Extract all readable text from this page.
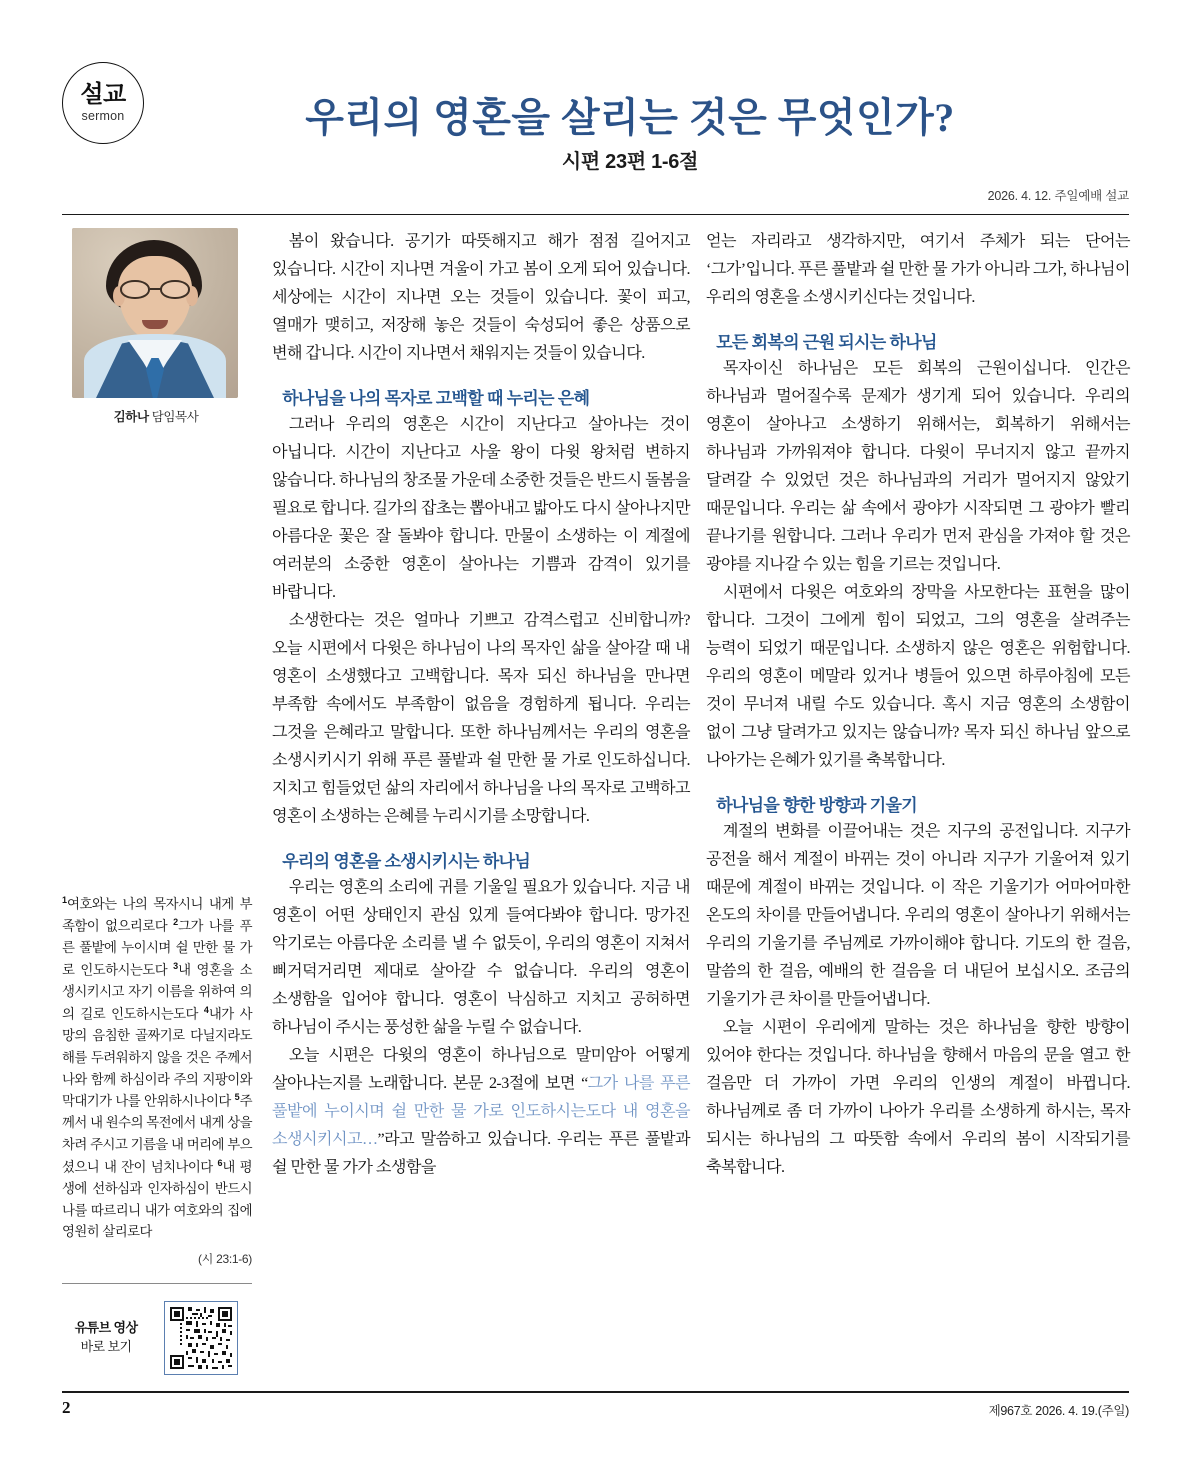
설교
sermon	우리의 영혼을 살리는 것은 무엇인가?
시편 23편 1-6절
2026. 4. 12. 주일예배 설교
김하나 담임목사
$^1$여호와는 나의 목자시니 내게 부족함이 없으리로다 $^2$그가 나를 푸른 풀밭에 누이시며 쉴 만한 물 가로 인도하시는도다 $^3$내 영혼을 소생시키시고 자기 이름을 위하여 의의 길로 인도하시는도다 $^4$내가 사망의 음침한 골짜기로 다닐지라도 해를 두려워하지 않을 것은 주께서 나와 함께 하심이라 주의 지팡이와 막대기가 나를 안위하시나이다 $^5$주께서 내 원수의 목전에서 내게 상을 차려 주시고 기름을 내 머리에 부으셨으니 내 잔이 넘치나이다 $^6$내 평생에 선하심과 인자하심이 반드시 나를 따르리니 내가 여호와의 집에 영원히 살리로다
(시 23:1-6)
유튜브 영상
바로 보기

봄이 왔습니다. 공기가 따뜻해지고 해가 점점 길어지고 있습니다. 시간이 지나면 겨울이 가고 봄이 오게 되어 있습니다. 세상에는 시간이 지나면 오는 것들이 있습니다. 꽃이 피고, 열매가 맺히고, 저장해 놓은 것들이 숙성되어 좋은 상품으로 변해 갑니다. 시간이 지나면서 채워지는 것들이 있습니다.

하나님을 나의 목자로 고백할 때 누리는 은혜

그러나 우리의 영혼은 시간이 지난다고 살아나는 것이 아닙니다. 시간이 지난다고 사울 왕이 다윗 왕처럼 변하지 않습니다. 하나님의 창조물 가운데 소중한 것들은 반드시 돌봄을 필요로 합니다. 길가의 잡초는 뽑아내고 밟아도 다시 살아나지만 아름다운 꽃은 잘 돌봐야 합니다. 만물이 소생하는 이 계절에 여러분의 소중한 영혼이 살아나는 기쁨과 감격이 있기를 바랍니다.

소생한다는 것은 얼마나 기쁘고 감격스럽고 신비합니까? 오늘 시편에서 다윗은 하나님이 나의 목자인 삶을 살아갈 때 내 영혼이 소생했다고 고백합니다. 목자 되신 하나님을 만나면 부족함 속에서도 부족함이 없음을 경험하게 됩니다. 우리는 그것을 은혜라고 말합니다. 또한 하나님께서는 우리의 영혼을 소생시키시기 위해 푸른 풀밭과 쉴 만한 물 가로 인도하십니다. 지치고 힘들었던 삶의 자리에서 하나님을 나의 목자로 고백하고 영혼이 소생하는 은혜를 누리시기를 소망합니다.

우리의 영혼을 소생시키시는 하나님

우리는 영혼의 소리에 귀를 기울일 필요가 있습니다. 지금 내 영혼이 어떤 상태인지 관심 있게 들여다봐야 합니다. 망가진 악기로는 아름다운 소리를 낼 수 없듯이, 우리의 영혼이 지쳐서 삐거덕거리면 제대로 살아갈 수 없습니다. 우리의 영혼이 소생함을 입어야 합니다. 영혼이 낙심하고 지치고 공허하면 하나님이 주시는 풍성한 삶을 누릴 수 없습니다.

오늘 시편은 다윗의 영혼이 하나님으로 말미암아 어떻게 살아나는지를 노래합니다. 본문 2-3절에 보면 “그가 나를 푸른 풀밭에 누이시며 쉴 만한 물 가로 인도하시는도다 내 영혼을 소생시키시고…”라고 말씀하고 있습니다. 우리는 푸른 풀밭과 쉴 만한 물 가가 소생함을

얻는 자리라고 생각하지만, 여기서 주체가 되는 단어는 ‘그가’입니다. 푸른 풀밭과 쉴 만한 물 가가 아니라 그가, 하나님이 우리의 영혼을 소생시키신다는 것입니다.

모든 회복의 근원 되시는 하나님

목자이신 하나님은 모든 회복의 근원이십니다. 인간은 하나님과 멀어질수록 문제가 생기게 되어 있습니다. 우리의 영혼이 살아나고 소생하기 위해서는, 회복하기 위해서는 하나님과 가까워져야 합니다. 다윗이 무너지지 않고 끝까지 달려갈 수 있었던 것은 하나님과의 거리가 멀어지지 않았기 때문입니다. 우리는 삶 속에서 광야가 시작되면 그 광야가 빨리 끝나기를 원합니다. 그러나 우리가 먼저 관심을 가져야 할 것은 광야를 지나갈 수 있는 힘을 기르는 것입니다.

시편에서 다윗은 여호와의 장막을 사모한다는 표현을 많이 합니다. 그것이 그에게 힘이 되었고, 그의 영혼을 살려주는 능력이 되었기 때문입니다. 소생하지 않은 영혼은 위험합니다. 우리의 영혼이 메말라 있거나 병들어 있으면 하루아침에 모든 것이 무너져 내릴 수도 있습니다. 혹시 지금 영혼의 소생함이 없이 그냥 달려가고 있지는 않습니까? 목자 되신 하나님 앞으로 나아가는 은혜가 있기를 축복합니다.

하나님을 향한 방향과 기울기

계절의 변화를 이끌어내는 것은 지구의 공전입니다. 지구가 공전을 해서 계절이 바뀌는 것이 아니라 지구가 기울어져 있기 때문에 계절이 바뀌는 것입니다. 이 작은 기울기가 어마어마한 온도의 차이를 만들어냅니다. 우리의 영혼이 살아나기 위해서는 우리의 기울기를 주님께로 가까이해야 합니다. 기도의 한 걸음, 말씀의 한 걸음, 예배의 한 걸음을 더 내딛어 보십시오. 조금의 기울기가 큰 차이를 만들어냅니다.

오늘 시편이 우리에게 말하는 것은 하나님을 향한 방향이 있어야 한다는 것입니다. 하나님을 향해서 마음의 문을 열고 한 걸음만 더 가까이 가면 우리의 인생의 계절이 바뀝니다. 하나님께로 좀 더 가까이 나아가 우리를 소생하게 하시는, 목자 되시는 하나님의 그 따뜻함 속에서 우리의 봄이 시작되기를 축복합니다.

2	제967호 2026. 4. 19.(주일)
